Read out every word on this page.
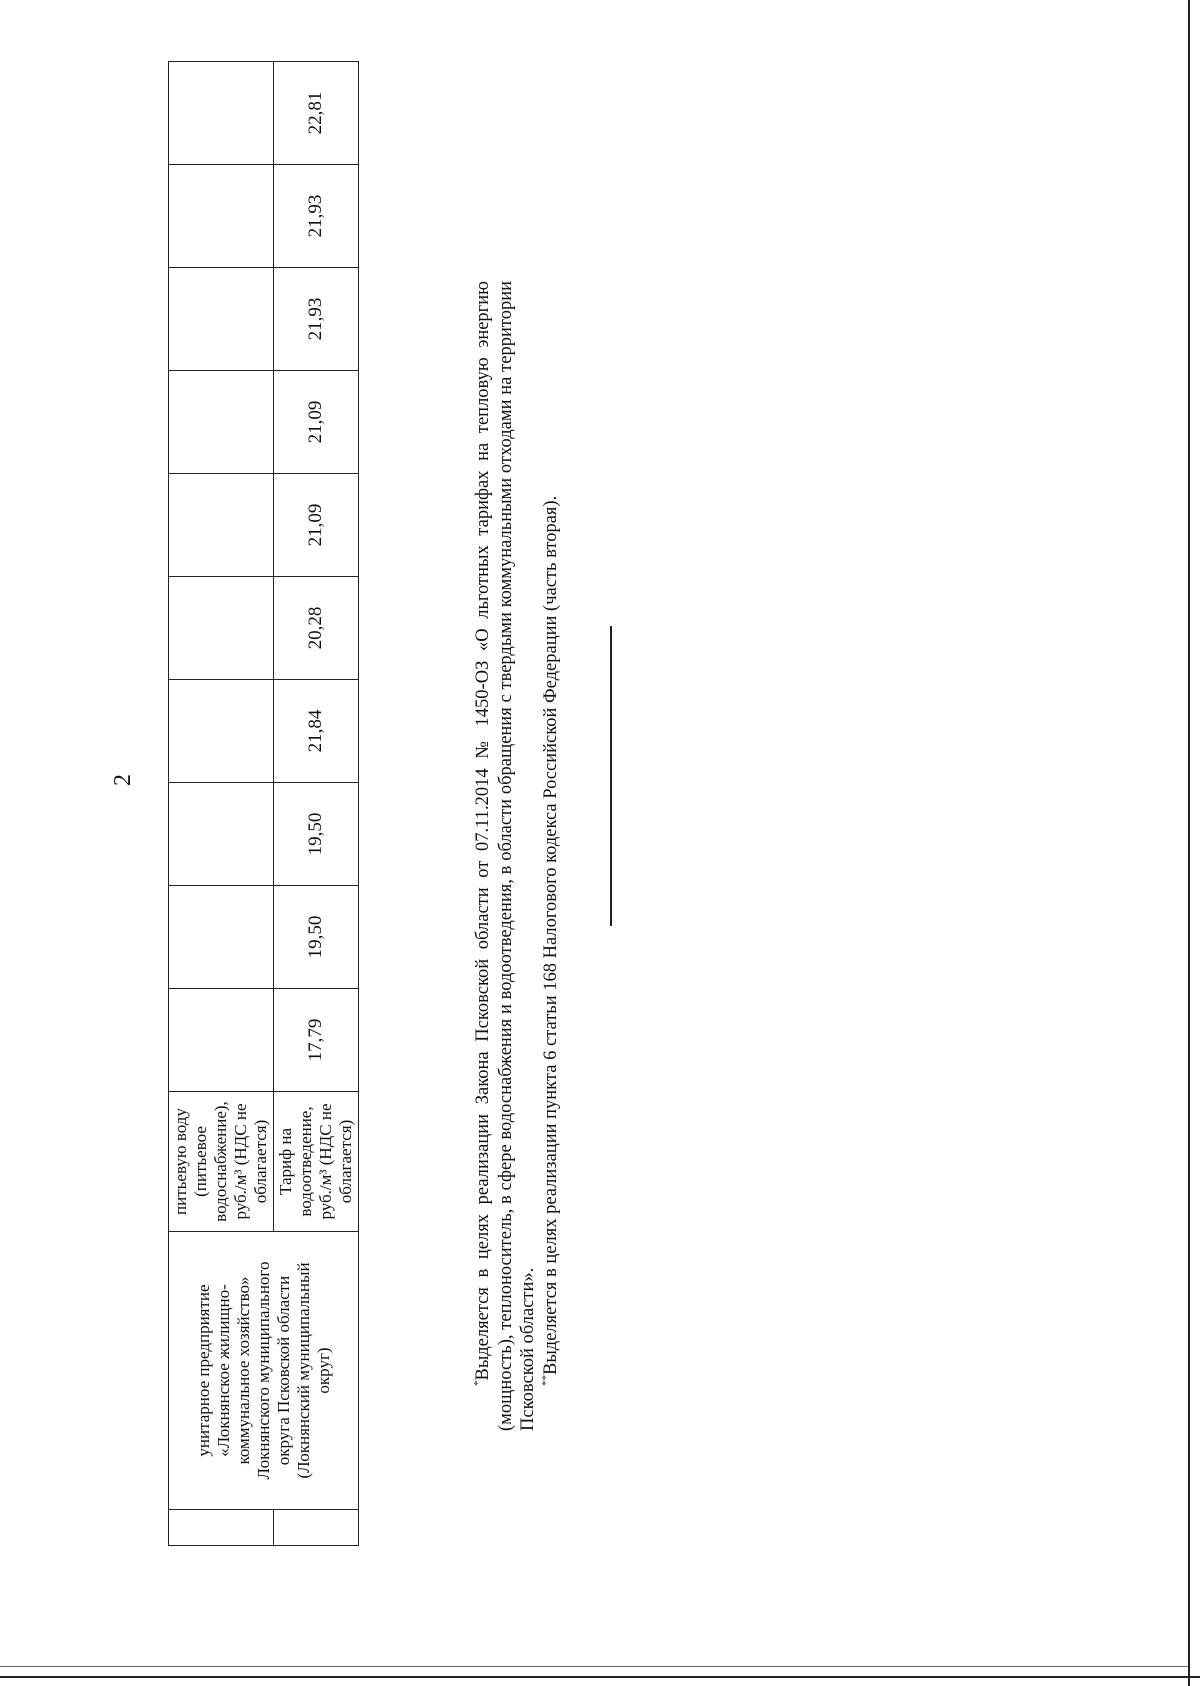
2
	унитарное предприятие «Локнянское жилищно-коммунальное хозяйство» Локнянского муниципального округа Псковской области (Локнянский муниципальный округ)	питьевую воду (питьевое водоснабжение), руб./м³ (НДС не облагается)										
		Тариф на водоотведение, руб./м³ (НДС не облагается)	17,79	19,50	19,50	21,84	20,28	21,09	21,09	21,93	21,93	22,81

*Выделяется в целях реализации Закона Псковской области от 07.11.2014 № 1450-ОЗ «О льготных тарифах на тепловую энергию (мощность), теплоноситель, в сфере водоснабжения и водоотведения, в области обращения с твердыми коммунальными отходами на территории Псковской области». **Выделяется в целях реализации пункта 6 статьи 168 Налогового кодекса Российской Федерации (часть вторая).
